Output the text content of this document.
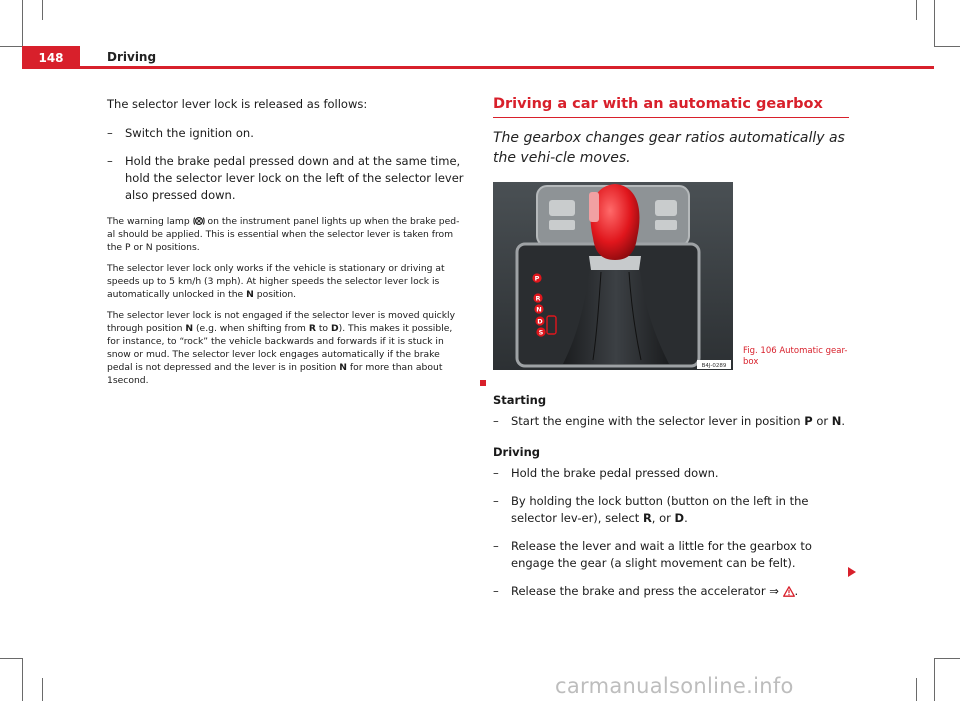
148	Driving

The selector lever lock is released as follows:

– Switch the ignition on.
– Hold the brake pedal pressed down and at the same time, hold the selector lever lock on the left of the selector lever also pressed down.

The warning lamp on the instrument panel lights up when the brake ped-al should be applied. This is essential when the selector lever is taken from the P or N positions.

The selector lever lock only works if the vehicle is stationary or driving at speeds up to 5 km/h (3 mph). At higher speeds the selector lever lock is automatically unlocked in the N position.

The selector lever lock is not engaged if the selector lever is moved quickly through position N (e.g. when shifting from R to D). This makes it possible, for instance, to “rock” the vehicle backwards and forwards if it is stuck in snow or mud. The selector lever lock engages automatically if the brake pedal is not depressed and the lever is in position N for more than about 1second.

Driving a car with an automatic gearbox
The gearbox changes gear ratios automatically as the vehi-cle moves.
P
R
N
D
S
B4J-0289
Fig. 106 Automatic gear-box
Starting
– Start the engine with the selector lever in position P or N.
Driving
– Hold the brake pedal pressed down.
– By holding the lock button (button on the left in the selector lev-er), select R, or D.
– Release the lever and wait a little for the gearbox to engage the gear (a slight movement can be felt).
– Release the brake and press the accelerator ⇒ .
carmanualsonline.info
